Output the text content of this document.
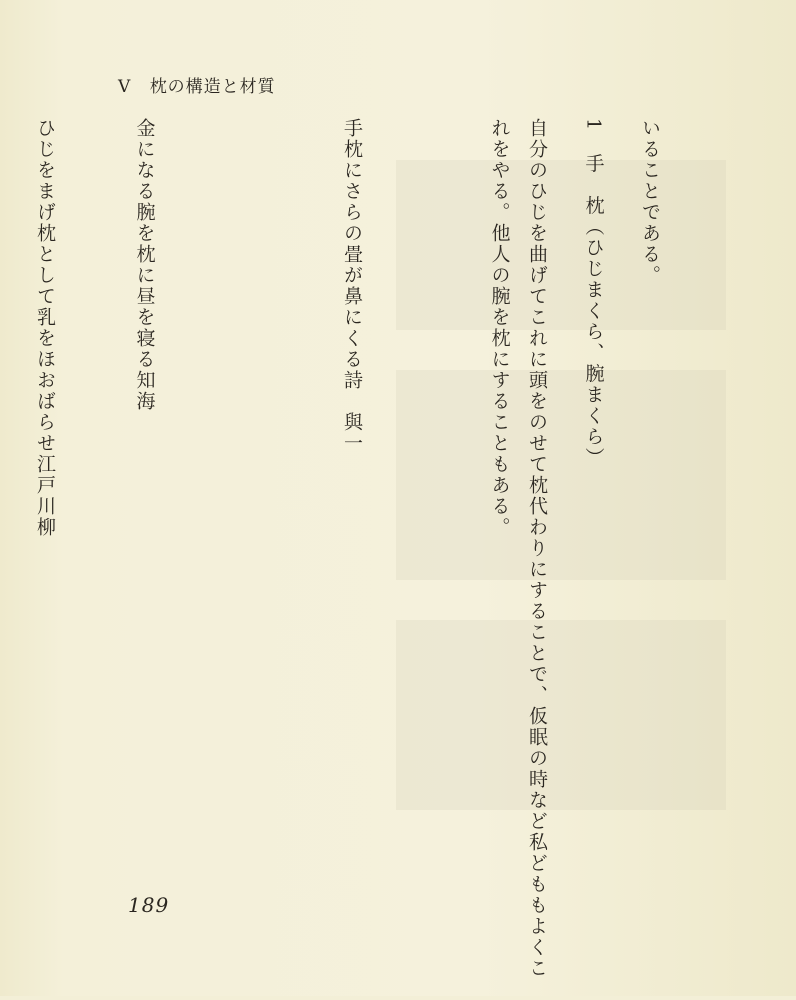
V 枕の構造と材質
いることである。
1　手　枕（ひじまくら、腕まくら）
自分のひじを曲げてこれに頭をのせて枕代わりにすることで、仮眠の時など私どももよくこ
れをやる。他人の腕を枕にすることもある。
手枕にさらの畳が鼻にくる詩　與一
金になる腕を枕に昼を寝る知海
ひじをまげ枕として乳をほおばらせ江戸川柳
189
